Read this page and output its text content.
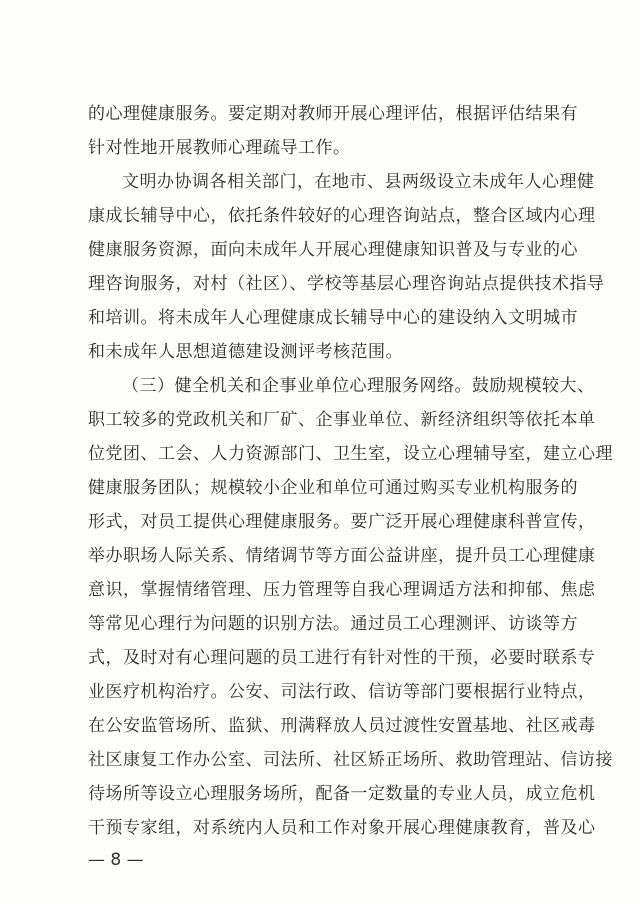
的心理健康服务。要定期对教师开展心理评估，根据评估结果有
针对性地开展教师心理疏导工作。
文明办协调各相关部门，在地市、县两级设立未成年人心理健
康成长辅导中心，依托条件较好的心理咨询站点，整合区域内心理
健康服务资源，面向未成年人开展心理健康知识普及与专业的心
理咨询服务，对村（社区）、学校等基层心理咨询站点提供技术指导
和培训。将未成年人心理健康成长辅导中心的建设纳入文明城市
和未成年人思想道德建设测评考核范围。
（三）健全机关和企事业单位心理服务网络。鼓励规模较大、
职工较多的党政机关和厂矿、企事业单位、新经济组织等依托本单
位党团、工会、人力资源部门、卫生室，设立心理辅导室，建立心理
健康服务团队；规模较小企业和单位可通过购买专业机构服务的
形式，对员工提供心理健康服务。要广泛开展心理健康科普宣传，
举办职场人际关系、情绪调节等方面公益讲座，提升员工心理健康
意识，掌握情绪管理、压力管理等自我心理调适方法和抑郁、焦虑
等常见心理行为问题的识别方法。通过员工心理测评、访谈等方
式，及时对有心理问题的员工进行有针对性的干预，必要时联系专
业医疗机构治疗。公安、司法行政、信访等部门要根据行业特点，
在公安监管场所、监狱、刑满释放人员过渡性安置基地、社区戒毒
社区康复工作办公室、司法所、社区矫正场所、救助管理站、信访接
待场所等设立心理服务场所，配备一定数量的专业人员，成立危机
干预专家组，对系统内人员和工作对象开展心理健康教育，普及心
— 8 —
